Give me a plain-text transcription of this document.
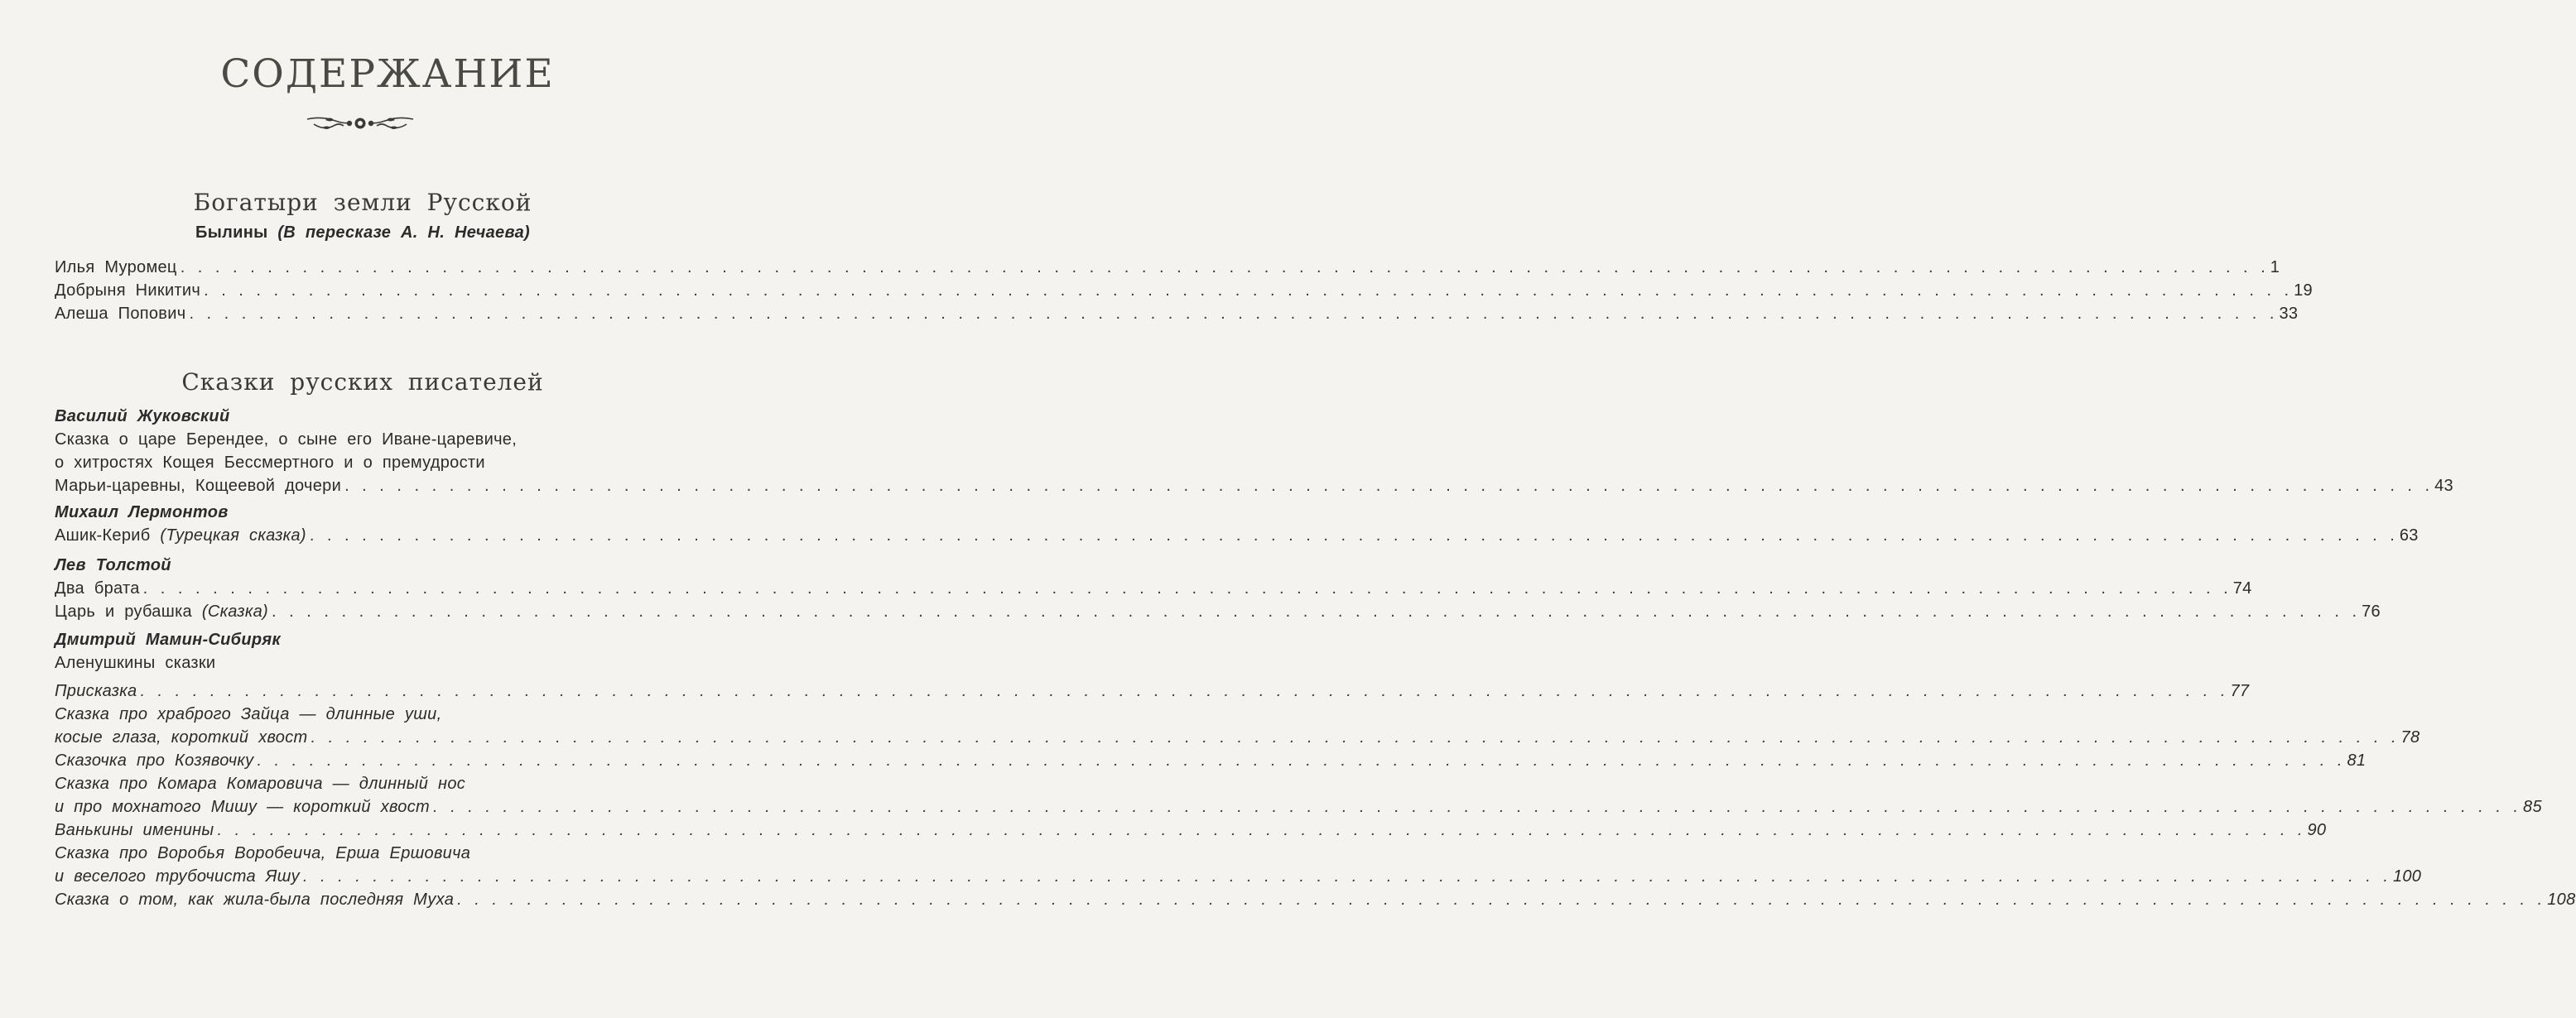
СОДЕРЖАНИЕ
Богатыри земли Русской
Былины (В пересказе А. Н. Нечаева)
Илья Муромец . . . . . . . . . . . . . . . . . . . . . . . . . . . . . . . . . . . . . . . . . . . . . . . . . . . . . . . . . . . . . . . . . . . . . . . . . . . . . . . . . . . . . . . . . . . . . . . . . . . . . . . . . . . . . . . . . . . . . . . . 1
Добрыня Никитич . . . . . . . . . . . . . . . . . . . . . . . . . . . . . . . . . . . . . . . . . . . . . . . . . . . . . . . . . . . . . . . . . . . . . . . . . . . . . . . . . . . . . . . . . . . . . . . . . . . . . . . . . . . . . . . . . . . . . . . . 19
Алеша Попович . . . . . . . . . . . . . . . . . . . . . . . . . . . . . . . . . . . . . . . . . . . . . . . . . . . . . . . . . . . . . . . . . . . . . . . . . . . . . . . . . . . . . . . . . . . . . . . . . . . . . . . . . . . . . . . . . . . . . . . . 33
Сказки русских писателей
Василий Жуковский
Сказка о царе Берендее, о сыне его Иване-царевиче,
о хитростях Кощея Бессмертного и о премудрости
Марьи-царевны, Кощеевой дочери . . . . . . . . . . . . . . . . . . . . . . . . . . . . . . . . . . . . . . . . . . . . . . . . . . . . . . . . . . . . . . . . . . . . . . . . . . . . . . . . . . . . . . . . . . . . . . . . . . . . . . . . . . . . . . . . . . . . . . . . 43
Михаил Лермонтов
Ашик-Кериб (Турецкая сказка) . . . . . . . . . . . . . . . . . . . . . . . . . . . . . . . . . . . . . . . . . . . . . . . . . . . . . . . . . . . . . . . . . . . . . . . . . . . . . . . . . . . . . . . . . . . . . . . . . . . . . . . . . . . . . . . . . . . . . . . . 63
Лев Толстой
Два брата . . . . . . . . . . . . . . . . . . . . . . . . . . . . . . . . . . . . . . . . . . . . . . . . . . . . . . . . . . . . . . . . . . . . . . . . . . . . . . . . . . . . . . . . . . . . . . . . . . . . . . . . . . . . . . . . . . . . . . . . 74
Царь и рубашка (Сказка) . . . . . . . . . . . . . . . . . . . . . . . . . . . . . . . . . . . . . . . . . . . . . . . . . . . . . . . . . . . . . . . . . . . . . . . . . . . . . . . . . . . . . . . . . . . . . . . . . . . . . . . . . . . . . . . . . . . . . . . . 76
Дмитрий Мамин-Сибиряк
Аленушкины сказки
Присказка . . . . . . . . . . . . . . . . . . . . . . . . . . . . . . . . . . . . . . . . . . . . . . . . . . . . . . . . . . . . . . . . . . . . . . . . . . . . . . . . . . . . . . . . . . . . . . . . . . . . . . . . . . . . . . . . . . . . . . . . 77
Сказка про храброго Зайца — длинные уши,
косые глаза, короткий хвост . . . . . . . . . . . . . . . . . . . . . . . . . . . . . . . . . . . . . . . . . . . . . . . . . . . . . . . . . . . . . . . . . . . . . . . . . . . . . . . . . . . . . . . . . . . . . . . . . . . . . . . . . . . . . . . . . . . . . . . . 78
Сказочка про Козявочку . . . . . . . . . . . . . . . . . . . . . . . . . . . . . . . . . . . . . . . . . . . . . . . . . . . . . . . . . . . . . . . . . . . . . . . . . . . . . . . . . . . . . . . . . . . . . . . . . . . . . . . . . . . . . . . . . . . . . . . . 81
Сказка про Комара Комаровича — длинный нос
и про мохнатого Мишу — короткий хвост . . . . . . . . . . . . . . . . . . . . . . . . . . . . . . . . . . . . . . . . . . . . . . . . . . . . . . . . . . . . . . . . . . . . . . . . . . . . . . . . . . . . . . . . . . . . . . . . . . . . . . . . . . . . . . . . . . . . . . . . 85
Ванькины именины . . . . . . . . . . . . . . . . . . . . . . . . . . . . . . . . . . . . . . . . . . . . . . . . . . . . . . . . . . . . . . . . . . . . . . . . . . . . . . . . . . . . . . . . . . . . . . . . . . . . . . . . . . . . . . . . . . . . . . . . 90
Сказка про Воробья Воробеича, Ерша Ершовича
и веселого трубочиста Яшу . . . . . . . . . . . . . . . . . . . . . . . . . . . . . . . . . . . . . . . . . . . . . . . . . . . . . . . . . . . . . . . . . . . . . . . . . . . . . . . . . . . . . . . . . . . . . . . . . . . . . . . . . . . . . . . . . . . . . . . . 100
Сказка о том, как жила-была последняя Муха . . . . . . . . . . . . . . . . . . . . . . . . . . . . . . . . . . . . . . . . . . . . . . . . . . . . . . . . . . . . . . . . . . . . . . . . . . . . . . . . . . . . . . . . . . . . . . . . . . . . . . . . . . . . . . . . . . . . . . . . 108
